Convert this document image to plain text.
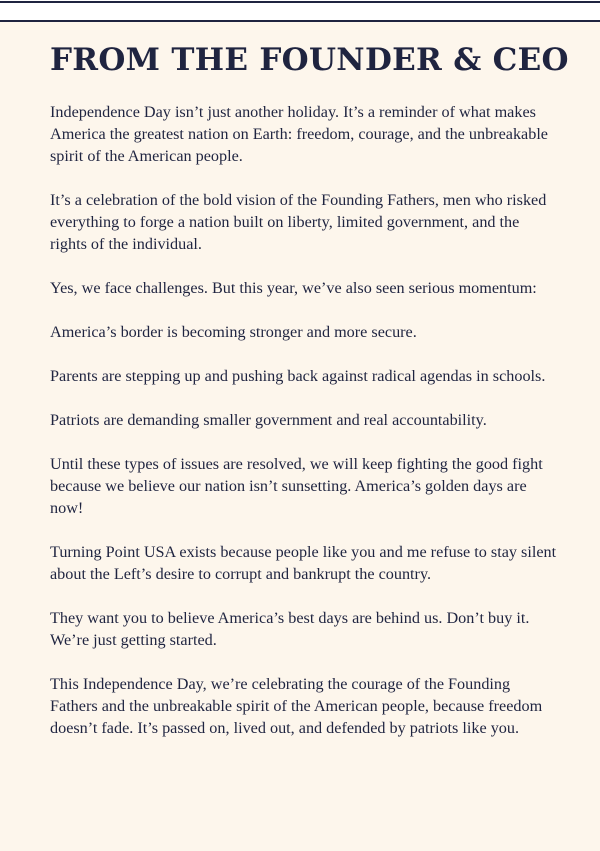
FROM THE FOUNDER & CEO

Independence Day isn’t just another holiday. It’s a reminder of what makes America the greatest nation on Earth: freedom, courage, and the unbreakable spirit of the American people.

It’s a celebration of the bold vision of the Founding Fathers, men who risked everything to forge a nation built on liberty, limited government, and the rights of the individual.

Yes, we face challenges. But this year, we’ve also seen serious momentum:

America’s border is becoming stronger and more secure.

Parents are stepping up and pushing back against radical agendas in schools.

Patriots are demanding smaller government and real accountability.

Until these types of issues are resolved, we will keep fighting the good fight because we believe our nation isn’t sunsetting. America’s golden days are now!

Turning Point USA exists because people like you and me refuse to stay silent about the Left’s desire to corrupt and bankrupt the country.

They want you to believe America’s best days are behind us. Don’t buy it. We’re just getting started.

This Independence Day, we’re celebrating the courage of the Founding Fathers and the unbreakable spirit of the American people, because freedom doesn’t fade. It’s passed on, lived out, and defended by patriots like you.
